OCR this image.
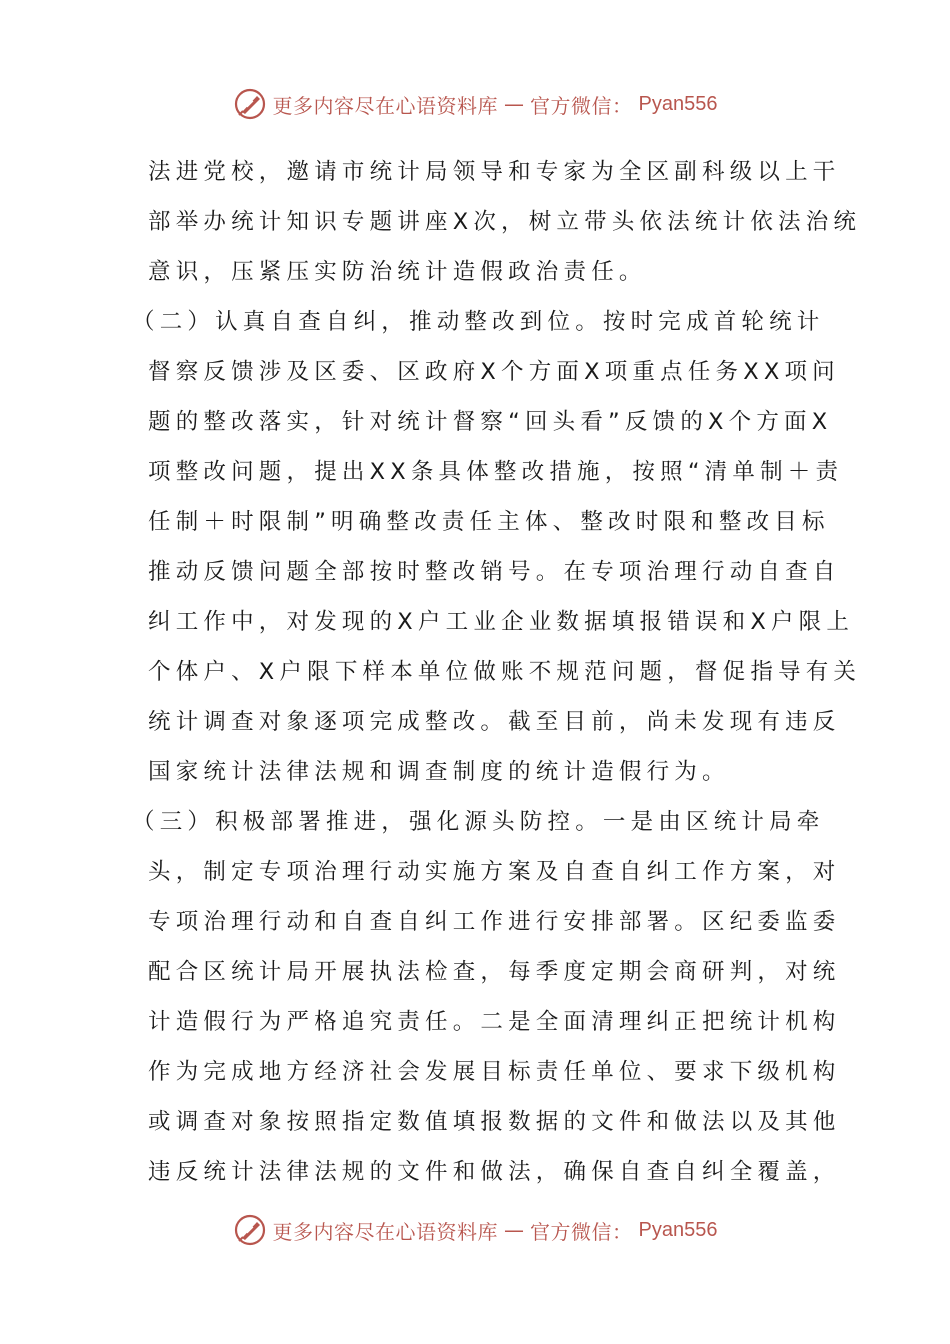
更多内容尽在心语资料库 — 官方微信： Pyan556
法进党校，邀请市统计局领导和专家为全区副科级以上干
部举办统计知识专题讲座X次，树立带头依法统计依法治统
意识，压紧压实防治统计造假政治责任。
（二）认真自查自纠，推动整改到位。按时完成首轮统计
督察反馈涉及区委、区政府X个方面X项重点任务XX项问
题的整改落实，针对统计督察“回头看”反馈的X个方面X
项整改问题，提出XX条具体整改措施，按照“清单制＋责
任制＋时限制”明确整改责任主体、整改时限和整改目标
推动反馈问题全部按时整改销号。在专项治理行动自查自
纠工作中，对发现的X户工业企业数据填报错误和X户限上
个体户、X户限下样本单位做账不规范问题，督促指导有关
统计调查对象逐项完成整改。截至目前，尚未发现有违反
国家统计法律法规和调查制度的统计造假行为。
（三）积极部署推进，强化源头防控。一是由区统计局牵
头，制定专项治理行动实施方案及自查自纠工作方案，对
专项治理行动和自查自纠工作进行安排部署。区纪委监委
配合区统计局开展执法检查，每季度定期会商研判，对统
计造假行为严格追究责任。二是全面清理纠正把统计机构
作为完成地方经济社会发展目标责任单位、要求下级机构
或调查对象按照指定数值填报数据的文件和做法以及其他
违反统计法律法规的文件和做法，确保自查自纠全覆盖，
更多内容尽在心语资料库 — 官方微信： Pyan556
